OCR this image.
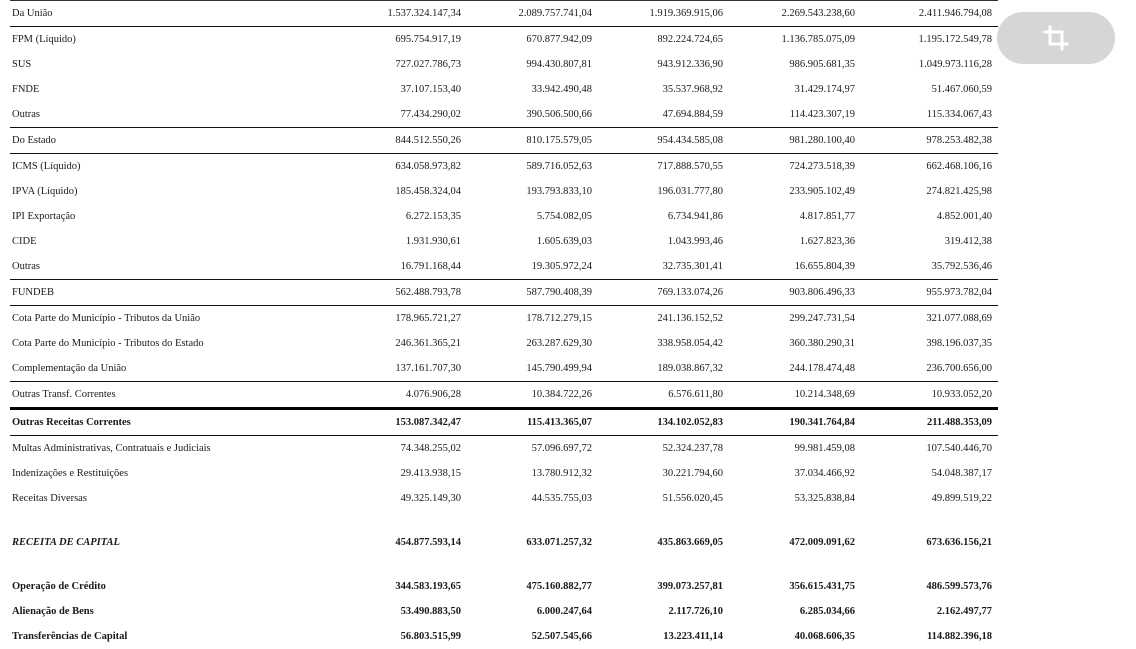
Da União	1.537.324.147,34	2.089.757.741,04	1.919.369.915,06	2.269.543.238,60	2.411.946.794,08
FPM (Líquido)	695.754.917,19	670.877.942,09	892.224.724,65	1.136.785.075,09	1.195.172.549,78
SUS	727.027.786,73	994.430.807,81	943.912.336,90	986.905.681,35	1.049.973.116,28
FNDE	37.107.153,40	33.942.490,48	35.537.968,92	31.429.174,97	51.467.060,59
Outras	77.434.290,02	390.506.500,66	47.694.884,59	114.423.307,19	115.334.067,43
Do Estado	844.512.550,26	810.175.579,05	954.434.585,08	981.280.100,40	978.253.482,38
ICMS (Líquido)	634.058.973,82	589.716.052,63	717.888.570,55	724.273.518,39	662.468.106,16
IPVA (Líquido)	185.458.324,04	193.793.833,10	196.031.777,80	233.905.102,49	274.821.425,98
IPI Exportação	6.272.153,35	5.754.082,05	6.734.941,86	4.817.851,77	4.852.001,40
CIDE	1.931.930,61	1.605.639,03	1.043.993,46	1.627.823,36	319.412,38
Outras	16.791.168,44	19.305.972,24	32.735.301,41	16.655.804,39	35.792.536,46
FUNDEB	562.488.793,78	587.790.408,39	769.133.074,26	903.806.496,33	955.973.782,04
Cota Parte do Município - Tributos da União	178.965.721,27	178.712.279,15	241.136.152,52	299.247.731,54	321.077.088,69
Cota Parte do Município - Tributos do Estado	246.361.365,21	263.287.629,30	338.958.054,42	360.380.290,31	398.196.037,35
Complementação da União	137.161.707,30	145.790.499,94	189.038.867,32	244.178.474,48	236.700.656,00
Outras Transf. Correntes	4.076.906,28	10.384.722,26	6.576.611,80	10.214.348,69	10.933.052,20
Outras Receitas Correntes	153.087.342,47	115.413.365,07	134.102.052,83	190.341.764,84	211.488.353,09
Multas Administrativas, Contratuais e Judiciais	74.348.255,02	57.096.697,72	52.324.237,78	99.981.459,08	107.540.446,70
Indenizações e Restituições	29.413.938,15	13.780.912,32	30.221.794,60	37.034.466,92	54.048.387,17
Receitas Diversas	49.325.149,30	44.535.755,03	51.556.020,45	53.325.838,84	49.899.519,22
RECEITA DE CAPITAL	454.877.593,14	633.071.257,32	435.863.669,05	472.009.091,62	673.636.156,21
Operação de Crédito	344.583.193,65	475.160.882,77	399.073.257,81	356.615.431,75	486.599.573,76
Alienação de Bens	53.490.883,50	6.000.247,64	2.117.726,10	6.285.034,66	2.162.497,77
Transferências de Capital	56.803.515,99	52.507.545,66	13.223.411,14	40.068.606,35	114.882.396,18
